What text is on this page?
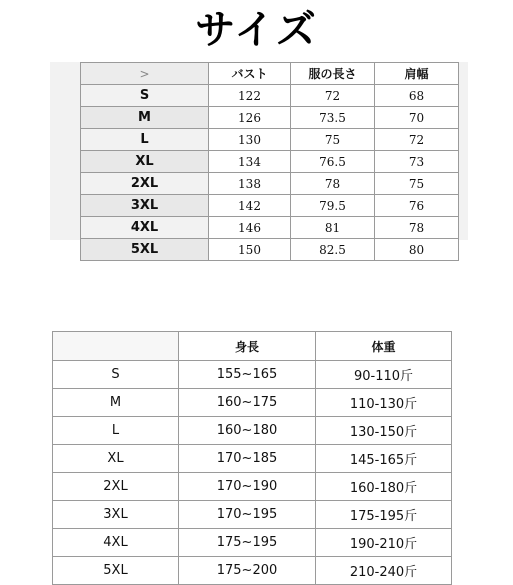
サイズ
>	バスト	服の長さ	肩幅
S	122	72	68
M	126	73.5	70
L	130	75	72
XL	134	76.5	73
2XL	138	78	75
3XL	142	79.5	76
4XL	146	81	78
5XL	150	82.5	80
	身長	体重
S	155~165	90-110斤
M	160~175	110-130斤
L	160~180	130-150斤
XL	170~185	145-165斤
2XL	170~190	160-180斤
3XL	170~195	175-195斤
4XL	175~195	190-210斤
5XL	175~200	210-240斤
